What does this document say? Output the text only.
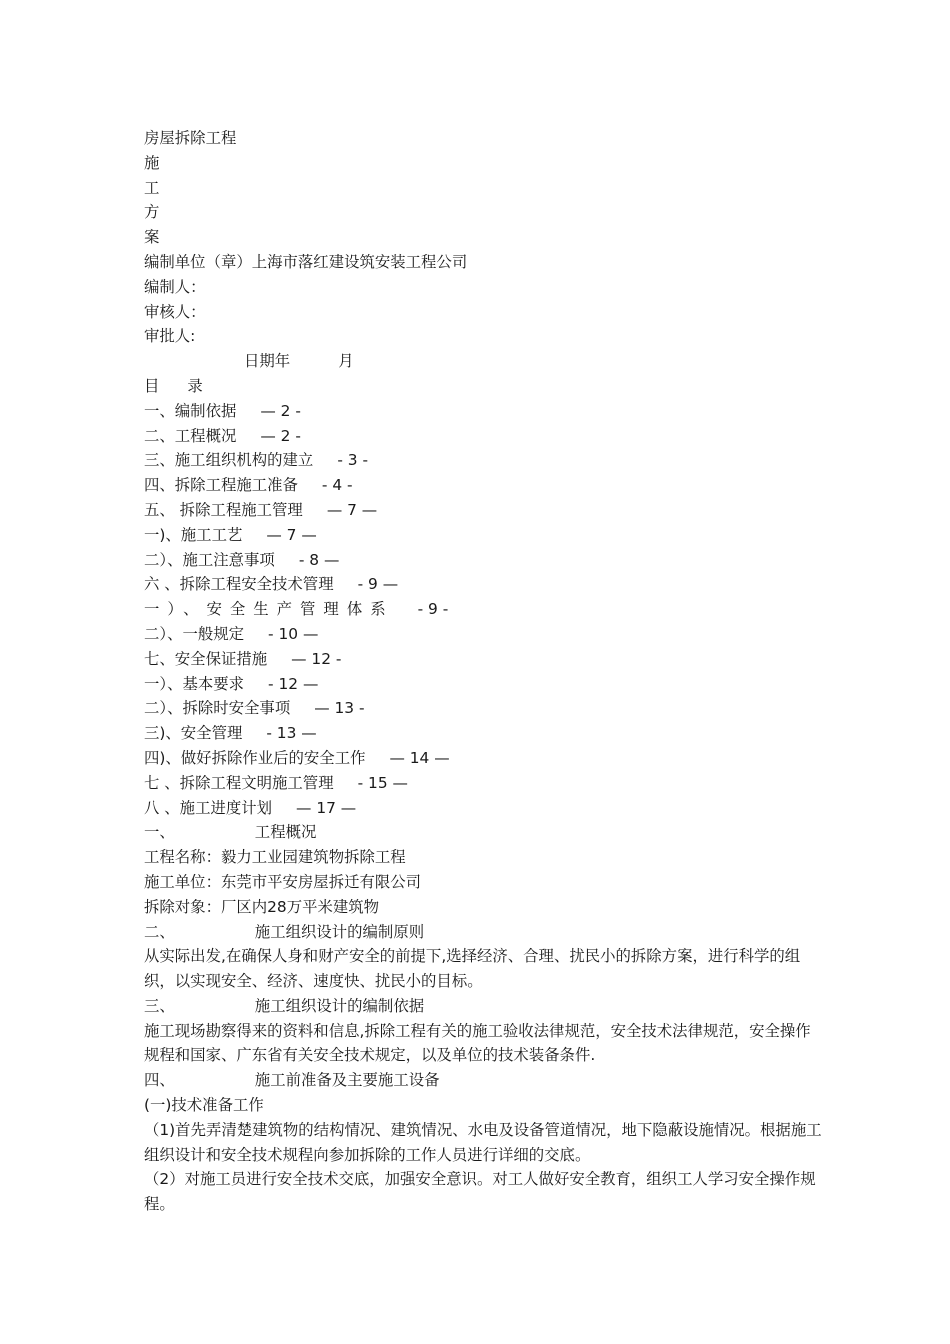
房屋拆除工程
施
工
方
案
编制单位（章）上海市落红建设筑安装工程公司
编制人：
审核人：
审批人:
日期年	月
目 录
一、编制依据 — 2 -
二、工程概况 — 2 -
三、施工组织机构的建立 - 3 -
四、拆除工程施工准备 - 4 -
五、 拆除工程施工管理 — 7 —
一)、施工工艺 — 7 —
二）、施工注意事项 - 8 —
六 、拆除工程安全技术管理 - 9 —
一）、安全生产管理体系 - 9 -
二）、一般规定 - 10 —
七、安全保证措施 — 12 -
一）、基本要求 - 12 —
二）、拆除时安全事项 — 13 -
三)、安全管理 - 13 —
四)、做好拆除作业后的安全工作 — 14 —
七 、拆除工程文明施工管理 - 15 —
八 、施工进度计划 — 17 —
一、	工程概况
工程名称：毅力工业园建筑物拆除工程
施工单位：东莞市平安房屋拆迁有限公司
拆除对象：厂区内28万平米建筑物
二、	施工组织设计的编制原则
从实际出发,在确保人身和财产安全的前提下,选择经济、合理、扰民小的拆除方案，进行科学的组织，以实现安全、经济、速度快、扰民小的目标。
三、	施工组织设计的编制依据
施工现场勘察得来的资料和信息,拆除工程有关的施工验收法律规范，安全技术法律规范，安全操作规程和国家、广东省有关安全技术规定，以及单位的技术装备条件.
四、	施工前准备及主要施工设备
(一)技术准备工作
（1)首先弄清楚建筑物的结构情况、建筑情况、水电及设备管道情况，地下隐蔽设施情况。根据施工组织设计和安全技术规程向参加拆除的工作人员进行详细的交底。
（2）对施工员进行安全技术交底，加强安全意识。对工人做好安全教育，组织工人学习安全操作规程。
